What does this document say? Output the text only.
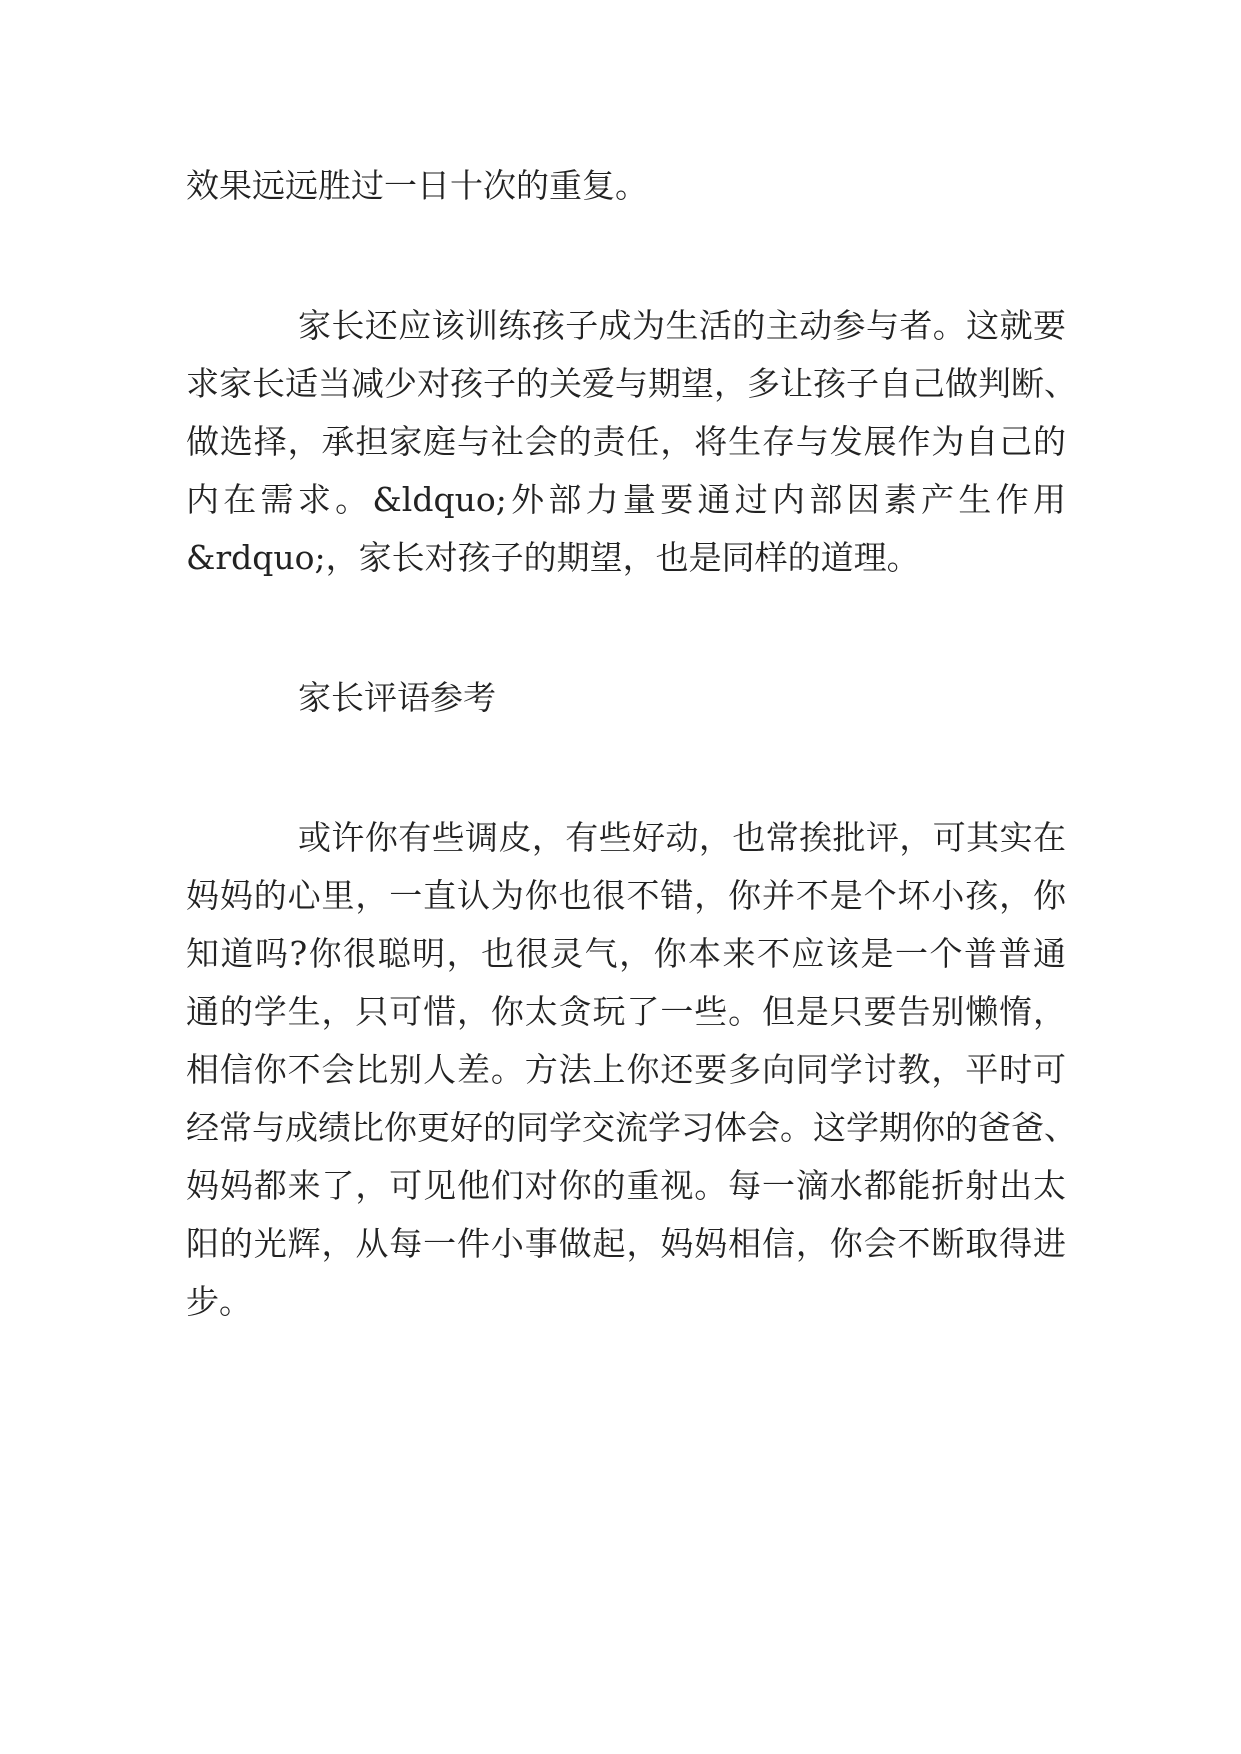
效果远远胜过一日十次的重复。
家长还应该训练孩子成为生活的主动参与者。这就要
求家长适当减少对孩子的关爱与期望，多让孩子自己做判断、
做选择，承担家庭与社会的责任，将生存与发展作为自己的
内在需求。&ldquo;外部力量要通过内部因素产生作用
&rdquo;，家长对孩子的期望，也是同样的道理。
家长评语参考
或许你有些调皮，有些好动，也常挨批评，可其实在
妈妈的心里，一直认为你也很不错，你并不是个坏小孩，你
知道吗?你很聪明，也很灵气，你本来不应该是一个普普通
通的学生，只可惜，你太贪玩了一些。但是只要告别懒惰，
相信你不会比别人差。方法上你还要多向同学讨教，平时可
经常与成绩比你更好的同学交流学习体会。这学期你的爸爸、
妈妈都来了，可见他们对你的重视。每一滴水都能折射出太
阳的光辉，从每一件小事做起，妈妈相信，你会不断取得进
步。
